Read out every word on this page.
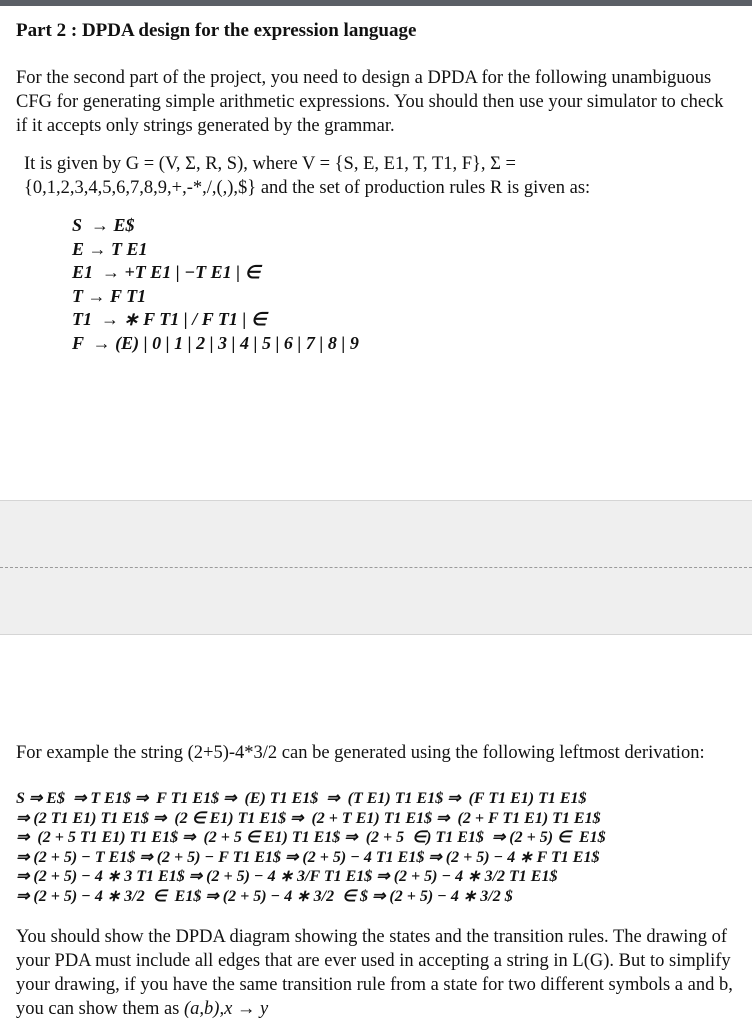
Part 2 : DPDA design for the expression language
For the second part of the project, you need to design a DPDA for the following unambiguous CFG for generating simple arithmetic expressions. You should then use your simulator to check if it accepts only strings generated by the grammar.
It is given by G = (V, Σ, R, S), where V = {S, E, E1, T, T1, F}, Σ =
{0,1,2,3,4,5,6,7,8,9,+,-*,/,(,),$} and the set of production rules R is given as:
S  → E$
E → T E1
E1  → +T E1 | −T E1 | ∈
T → F T1
T1  → ∗ F T1 | / F T1 | ∈
F  → (E) | 0 | 1 | 2 | 3 | 4 | 5 | 6 | 7 | 8 | 9
For example the string (2+5)-4*3/2 can be generated using the following leftmost derivation:
S ⇒ E$  ⇒ T E1$ ⇒  F T1 E1$ ⇒  (E) T1 E1$  ⇒  (T E1) T1 E1$ ⇒  (F T1 E1) T1 E1$
⇒ (2 T1 E1) T1 E1$ ⇒  (2 ∈ E1) T1 E1$ ⇒  (2 + T E1) T1 E1$ ⇒  (2 + F T1 E1) T1 E1$
⇒  (2 + 5 T1 E1) T1 E1$ ⇒  (2 + 5 ∈ E1) T1 E1$ ⇒  (2 + 5  ∈) T1 E1$  ⇒ (2 + 5) ∈  E1$
⇒ (2 + 5) − T E1$ ⇒ (2 + 5) − F T1 E1$ ⇒ (2 + 5) − 4 T1 E1$ ⇒ (2 + 5) − 4 ∗ F T1 E1$
⇒ (2 + 5) − 4 ∗ 3 T1 E1$ ⇒ (2 + 5) − 4 ∗ 3/F T1 E1$ ⇒ (2 + 5) − 4 ∗ 3/2 T1 E1$
⇒ (2 + 5) − 4 ∗ 3/2  ∈  E1$ ⇒ (2 + 5) − 4 ∗ 3/2  ∈ $ ⇒ (2 + 5) − 4 ∗ 3/2 $
You should show the DPDA diagram showing the states and the transition rules. The drawing of your PDA must include all edges that are ever used in accepting a string in L(G). But to simplify your drawing, if you have the same transition rule from a state for two different symbols a and b, you can show them as (a,b),x → y
